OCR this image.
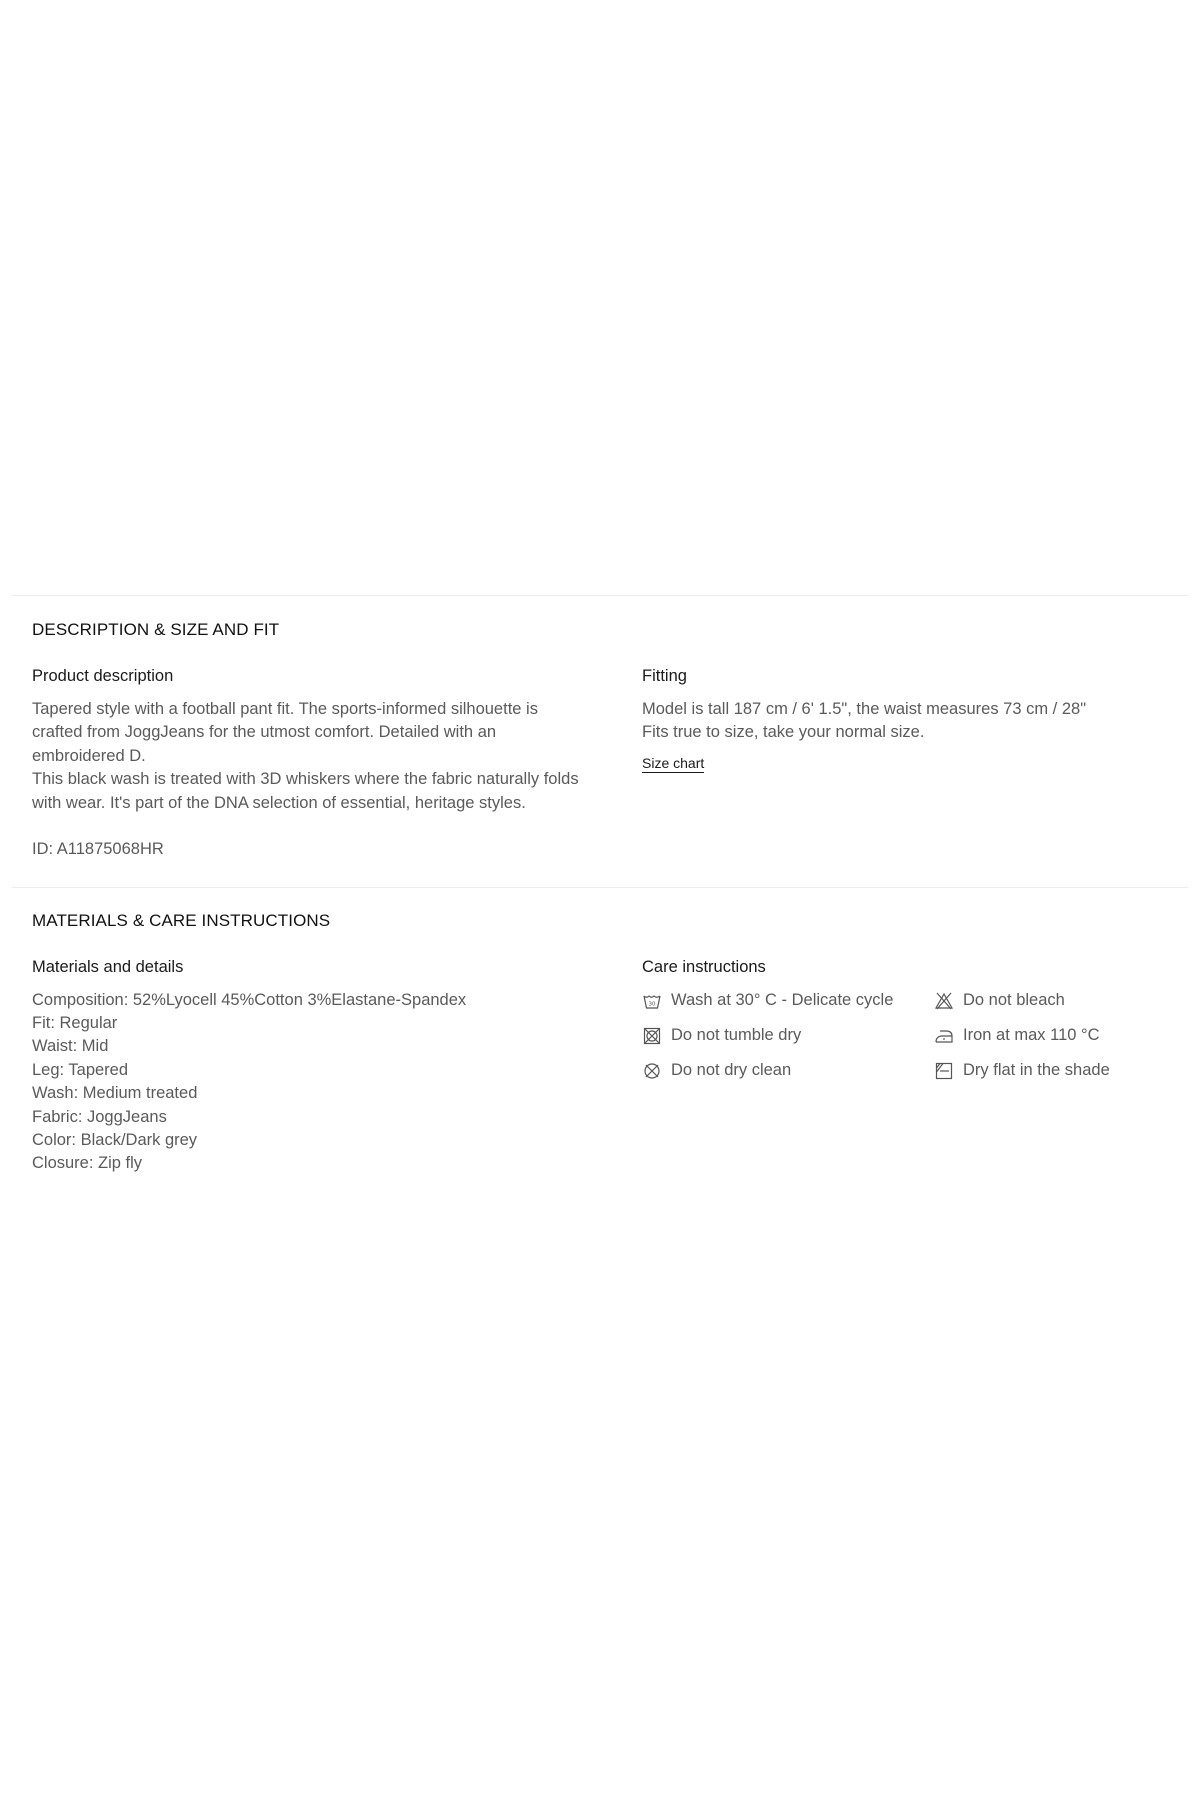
DESCRIPTION & SIZE AND FIT

Product description

Tapered style with a football pant fit. The sports-informed silhouette is
crafted from JoggJeans for the utmost comfort. Detailed with an
embroidered D.
This black wash is treated with 3D whiskers where the fabric naturally folds
with wear. It's part of the DNA selection of essential, heritage styles.

ID: A11875068HR

Fitting

Model is tall 187 cm / 6' 1.5", the waist measures 73 cm / 28"
Fits true to size, take your normal size.

Size chart
MATERIALS & CARE INSTRUCTIONS

Materials and details

Composition: 52%Lyocell 45%Cotton 3%Elastane-Spandex

Fit: Regular

Waist: Mid

Leg: Tapered

Wash: Medium treated

Fabric: JoggJeans

Color: Black/Dark grey

Closure: Zip fly

Care instructions

30 Wash at 30° C - Delicate cycle	Do not bleach
Do not tumble dry	Iron at max 110 °C
Do not dry clean	Dry flat in the shade
